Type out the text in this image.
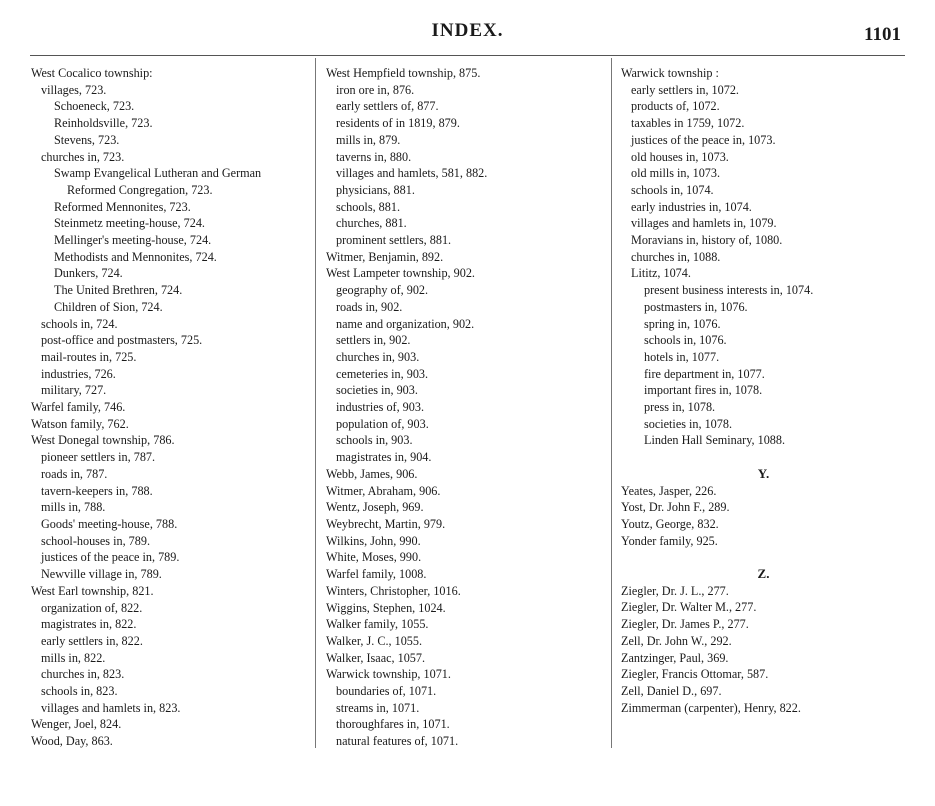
INDEX.	1101
West Cocalico township:
villages, 723.
Schoeneck, 723.
Reinholdsville, 723.
Stevens, 723.
churches in, 723.
Swamp Evangelical Lutheran and German
Reformed Congregation, 723.
Reformed Mennonites, 723.
Steinmetz meeting-house, 724.
Mellinger's meeting-house, 724.
Methodists and Mennonites, 724.
Dunkers, 724.
The United Brethren, 724.
Children of Sion, 724.
schools in, 724.
post-office and postmasters, 725.
mail-routes in, 725.
industries, 726.
military, 727.
Warfel family, 746.
Watson family, 762.
West Donegal township, 786.
pioneer settlers in, 787.
roads in, 787.
tavern-keepers in, 788.
mills in, 788.
Goods' meeting-house, 788.
school-houses in, 789.
justices of the peace in, 789.
Newville village in, 789.
West Earl township, 821.
organization of, 822.
magistrates in, 822.
early settlers in, 822.
mills in, 822.
churches in, 823.
schools in, 823.
villages and hamlets in, 823.
Wenger, Joel, 824.
Wood, Day, 863.
West Hempfield township, 875.
iron ore in, 876.
early settlers of, 877.
residents of in 1819, 879.
mills in, 879.
taverns in, 880.
villages and hamlets, 581, 882.
physicians, 881.
schools, 881.
churches, 881.
prominent settlers, 881.
Witmer, Benjamin, 892.
West Lampeter township, 902.
geography of, 902.
roads in, 902.
name and organization, 902.
settlers in, 902.
churches in, 903.
cemeteries in, 903.
societies in, 903.
industries of, 903.
population of, 903.
schools in, 903.
magistrates in, 904.
Webb, James, 906.
Witmer, Abraham, 906.
Wentz, Joseph, 969.
Weybrecht, Martin, 979.
Wilkins, John, 990.
White, Moses, 990.
Warfel family, 1008.
Winters, Christopher, 1016.
Wiggins, Stephen, 1024.
Walker family, 1055.
Walker, J. C., 1055.
Walker, Isaac, 1057.
Warwick township, 1071.
boundaries of, 1071.
streams in, 1071.
thoroughfares in, 1071.
natural features of, 1071.
Warwick township :
early settlers in, 1072.
products of, 1072.
taxables in 1759, 1072.
justices of the peace in, 1073.
old houses in, 1073.
old mills in, 1073.
schools in, 1074.
early industries in, 1074.
villages and hamlets in, 1079.
Moravians in, history of, 1080.
churches in, 1088.
Lititz, 1074.
present business interests in, 1074.
postmasters in, 1076.
spring in, 1076.
schools in, 1076.
hotels in, 1077.
fire department in, 1077.
important fires in, 1078.
press in, 1078.
societies in, 1078.
Linden Hall Seminary, 1088.
Y.
Yeates, Jasper, 226.
Yost, Dr. John F., 289.
Youtz, George, 832.
Yonder family, 925.
Z.
Ziegler, Dr. J. L., 277.
Ziegler, Dr. Walter M., 277.
Ziegler, Dr. James P., 277.
Zell, Dr. John W., 292.
Zantzinger, Paul, 369.
Ziegler, Francis Ottomar, 587.
Zell, Daniel D., 697.
Zimmerman (carpenter), Henry, 822.
